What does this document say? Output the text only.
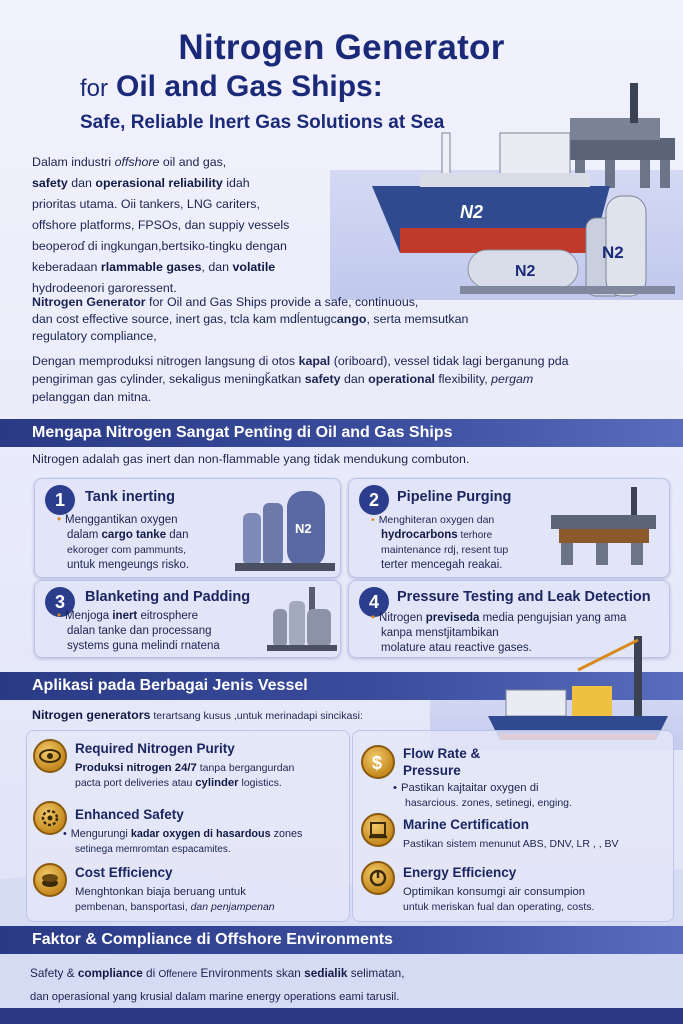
N2
N2
N2
Nitrogen Generator
for Oil and Gas Ships:
Safe, Reliable Inert Gas Solutions at Sea
Dalam industri offshore oil and gas,
safety dan operasional reliability idah
prioritas utama. Oii tankers, LNG cariters,
offshore platforms, FPSOs, dan suppiy vessels
beoperoɗ di ingkungan,bertsiko-tingku dengan
keberadaan rlammable gases, dan volatile
hydrodeenori garoressent.
Nitrogen Generator for Oil and Gas Ships provide a safe, continuous,
dan cost effective source, inert gas, tcla kam mdĺentugcango, serta memsutkan
regulatory compliance,
Dengan memproduksi nitrogen langsung di otos kapal (oriboard), vessel tidak lagi berganung pda
pengiriman gas cylinder, sekaligus meningǩatkan safety dan operational flexibility, pergam
pelanggan dan mitna.
Mengapa Nitrogen Sangat Penting di Oil and Gas Ships
Nitrogen adalah gas inert dan non-flammable yang tidak mendukung combuton.
1	Tank inerting
• Menggantikan oxygen
dalam cargo tanke dan
ekoroger com pammunts,
untuk mengeungs risko.
N2
2	Pipeline Purging
• Menghiteran oxygen dan
hydrocarbons terhore
maintenance rdj, resent tup
terter mencegah reakai.
3	Blanketing and Padding
• Menjoga inert eitrosphere
dalan tanke dan processang
systems guna melindi rnatena
4	Pressure Testing and Leak Detection
• Nitrogen previseda media pengujsian yang ama
kanpa menstjitambikan
molature atau reactive gases.
Aplikasi pada Berbagai Jenis Vessel
Nitrogen generators terartsang kusus ,untuk merinadapi sincikasi:
Required Nitrogen Purity
Produksi nitrogen 24/7 tanpa bergangurdan
pacta port deliveries atau cylinder logistics.
Enhanced Safety
• Mengurungi kadar oxygen di hasardous zones
setinega memromtan espacamites.
Cost Efficiency
Menghtonkan biaja beruang untuk
pembenan, bansportasi, dan penjampenan
$ Flow Rate &
Pressure
• Pastikan kajtaitar oxygen di
hasarcious. zones, setinegi, enging.
Marine Certification
Pastikan sistem menunut ABS, DNV, LR , , BV
Energy Efficiency
Optimikan konsumgi air consumpion
untuk meriskan fual dan operating, costs.
Faktor & Compliance di Offshore Environments
Safety & compliance di Offenere Environments skan sedialik selimatan,
dan operasional yang krusial dalam marine energy operations eami tarusil.
